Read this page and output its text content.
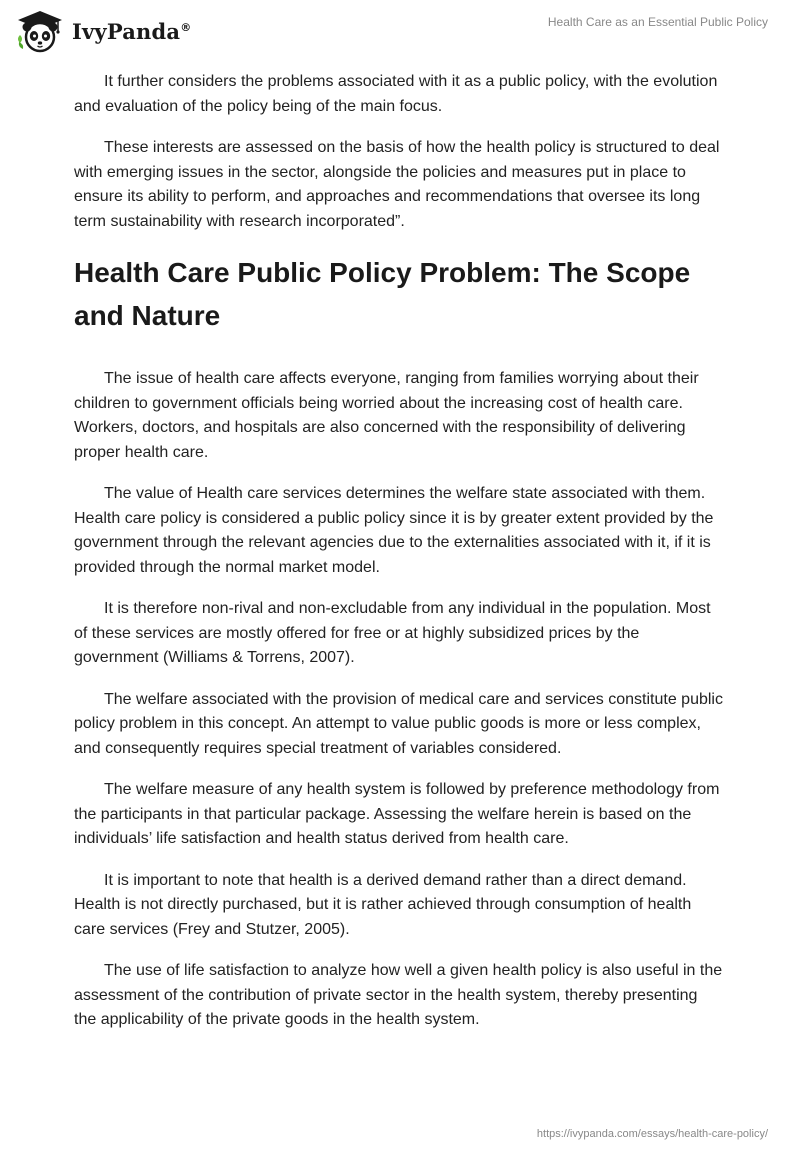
IvyPanda®	Health Care as an Essential Public Policy

It further considers the problems associated with it as a public policy, with the evolution and evaluation of the policy being of the main focus.

These interests are assessed on the basis of how the health policy is structured to deal with emerging issues in the sector, alongside the policies and measures put in place to ensure its ability to perform, and approaches and recommendations that oversee its long term sustainability with research incorporated”.

Health Care Public Policy Problem: The Scope and Nature

The issue of health care affects everyone, ranging from families worrying about their children to government officials being worried about the increasing cost of health care. Workers, doctors, and hospitals are also concerned with the responsibility of delivering proper health care.

The value of Health care services determines the welfare state associated with them. Health care policy is considered a public policy since it is by greater extent provided by the government through the relevant agencies due to the externalities associated with it, if it is provided through the normal market model.

It is therefore non-rival and non-excludable from any individual in the population. Most of these services are mostly offered for free or at highly subsidized prices by the government (Williams & Torrens, 2007).

The welfare associated with the provision of medical care and services constitute public policy problem in this concept. An attempt to value public goods is more or less complex, and consequently requires special treatment of variables considered.

The welfare measure of any health system is followed by preference methodology from the participants in that particular package. Assessing the welfare herein is based on the individuals’ life satisfaction and health status derived from health care.

It is important to note that health is a derived demand rather than a direct demand. Health is not directly purchased, but it is rather achieved through consumption of health care services (Frey and Stutzer, 2005).

The use of life satisfaction to analyze how well a given health policy is also useful in the assessment of the contribution of private sector in the health system, thereby presenting the applicability of the private goods in the health system.

https://ivypanda.com/essays/health-care-policy/
